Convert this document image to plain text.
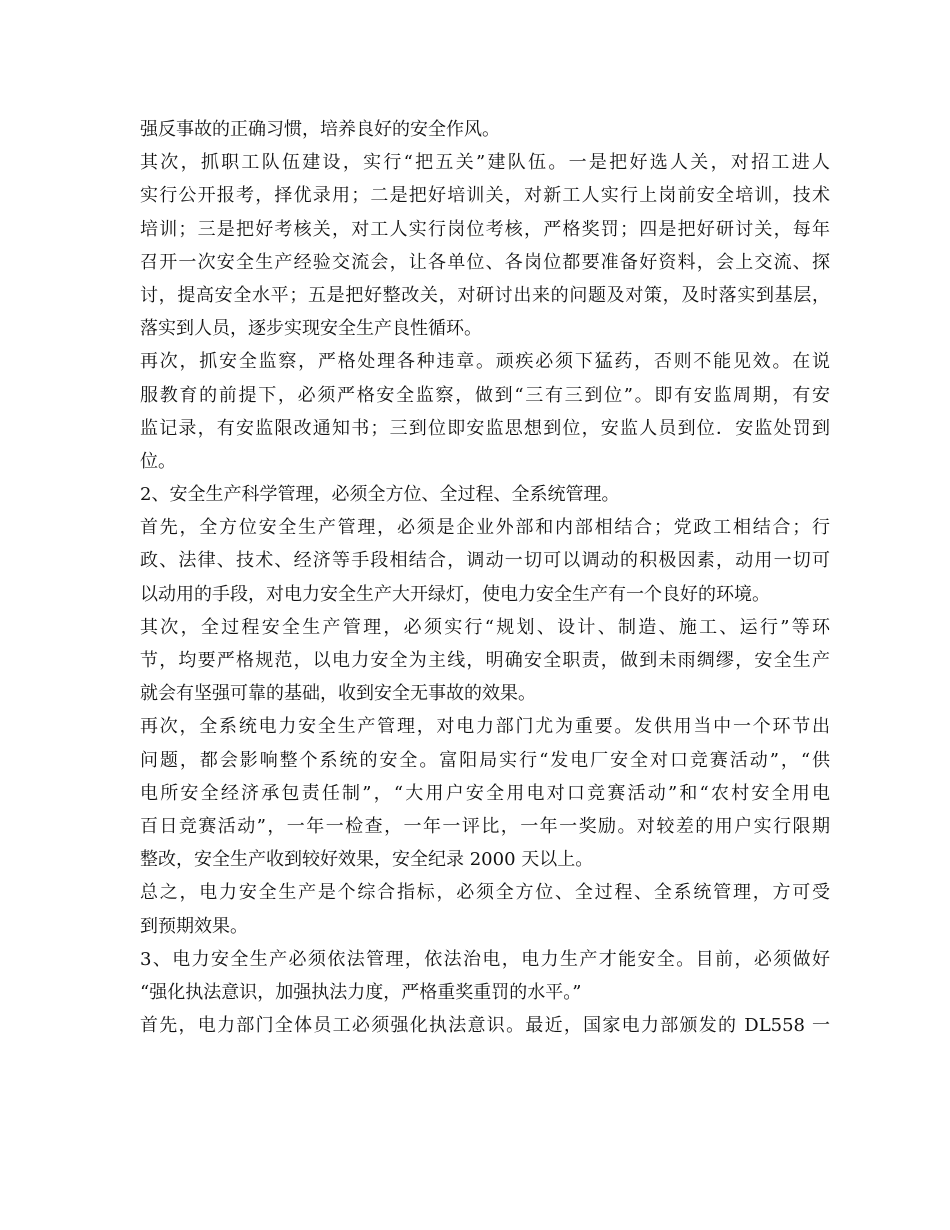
强反事故的正确习惯，培养良好的安全作风。
其次，抓职工队伍建设，实行“把五关”建队伍。一是把好选人关，对招工进人
实行公开报考，择优录用；二是把好培训关，对新工人实行上岗前安全培训，技术
培训；三是把好考核关，对工人实行岗位考核，严格奖罚；四是把好研讨关，每年
召开一次安全生产经验交流会，让各单位、各岗位都要准备好资料，会上交流、探
讨，提高安全水平；五是把好整改关，对研讨出来的问题及对策，及时落实到基层，
落实到人员，逐步实现安全生产良性循环。
再次，抓安全监察，严格处理各种违章。顽疾必须下猛药，否则不能见效。在说
服教育的前提下，必须严格安全监察，做到“三有三到位”。即有安监周期，有安
监记录，有安监限改通知书；三到位即安监思想到位，安监人员到位．安监处罚到
位。
2、安全生产科学管理，必须全方位、全过程、全系统管理。
首先，全方位安全生产管理，必须是企业外部和内部相结合；党政工相结合；行
政、法律、技术、经济等手段相结合，调动一切可以调动的积极因素，动用一切可
以动用的手段，对电力安全生产大开绿灯，使电力安全生产有一个良好的环境。
其次，全过程安全生产管理，必须实行“规划、设计、制造、施工、运行”等环
节，均要严格规范，以电力安全为主线，明确安全职责，做到未雨绸缪，安全生产
就会有坚强可靠的基础，收到安全无事故的效果。
再次，全系统电力安全生产管理，对电力部门尤为重要。发供用当中一个环节出
问题，都会影响整个系统的安全。富阳局实行“发电厂安全对口竞赛活动”，“供
电所安全经济承包责任制”，“大用户安全用电对口竞赛活动”和“农村安全用电
百日竞赛活动”，一年一检查，一年一评比，一年一奖励。对较差的用户实行限期
整改，安全生产收到较好效果，安全纪录 2000 天以上。
总之，电力安全生产是个综合指标，必须全方位、全过程、全系统管理，方可受
到预期效果。
3、电力安全生产必须依法管理，依法治电，电力生产才能安全。目前，必须做好
“强化执法意识，加强执法力度，严格重奖重罚的水平。”
首先，电力部门全体员工必须强化执法意识。最近，国家电力部颁发的 DL558 一
